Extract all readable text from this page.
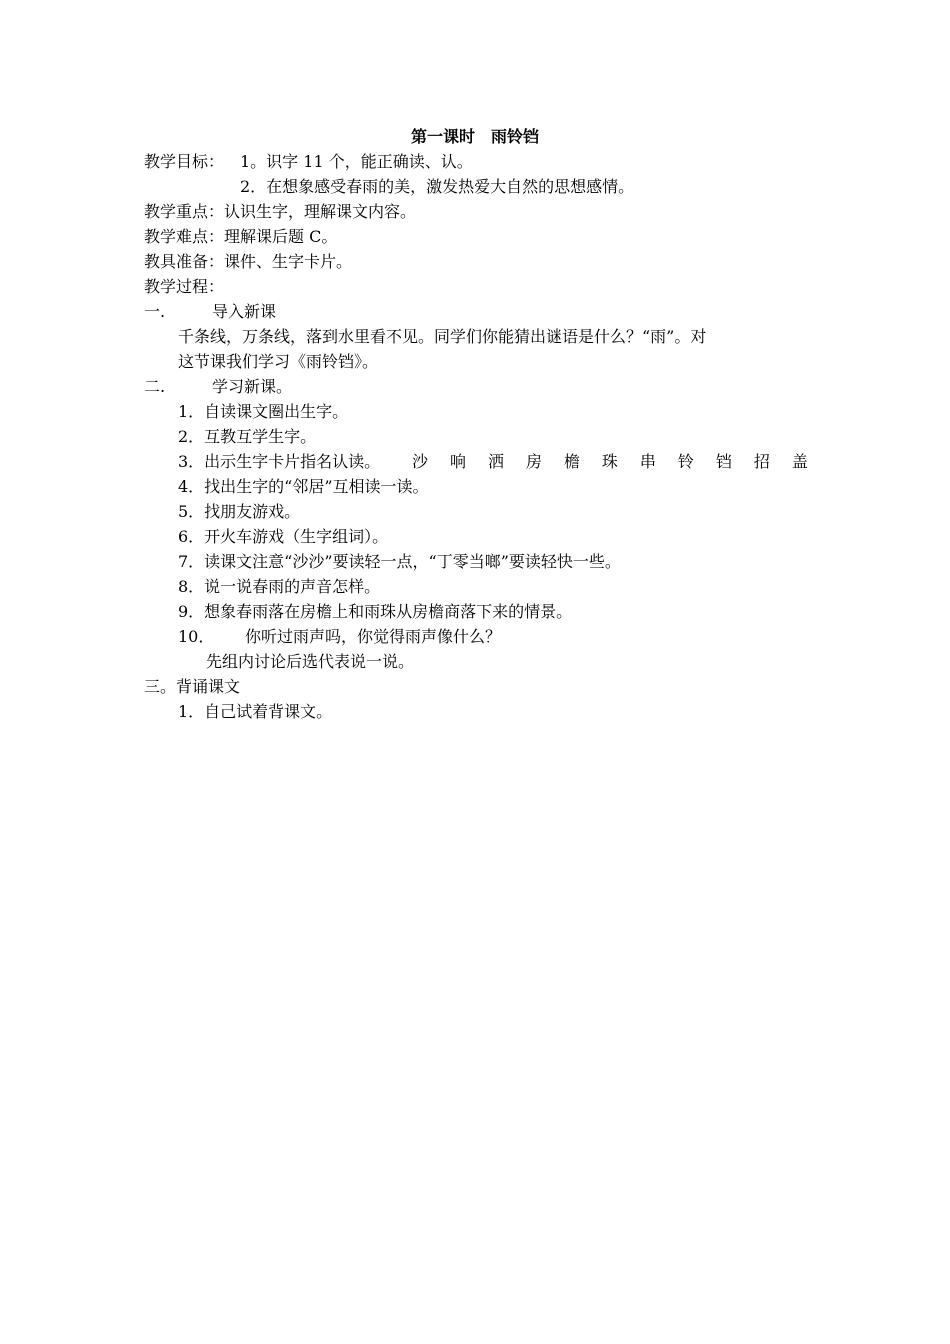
第一课时　雨铃铛
教学目标： 1。识字 11 个，能正确读、认。
2．在想象感受春雨的美，激发热爱大自然的思想感情。
教学重点：认识生字，理解课文内容。
教学难点：理解课后题 C。
教具准备：课件、生字卡片。
教学过程：
一.	导入新课
千条线，万条线，落到水里看不见。同学们你能猜出谜语是什么？“雨”。对
这节课我们学习《雨铃铛》。
二.	学习新课。
1．自读课文圈出生字。
2．互教互学生字。
3．出示生字卡片指名认读。 沙 响 洒 房 檐 珠 串 铃 铛 招 盖
4．找出生字的“邻居”互相读一读。
5．找朋友游戏。
6．开火车游戏（生字组词）。
7．读课文注意“沙沙”要读轻一点，“丁零当啷”要读轻快一些。
8．说一说春雨的声音怎样。
9．想象春雨落在房檐上和雨珠从房檐商落下来的情景。
10． 你听过雨声吗，你觉得雨声像什么？
先组内讨论后选代表说一说。
三。背诵课文
1．自己试着背课文。
